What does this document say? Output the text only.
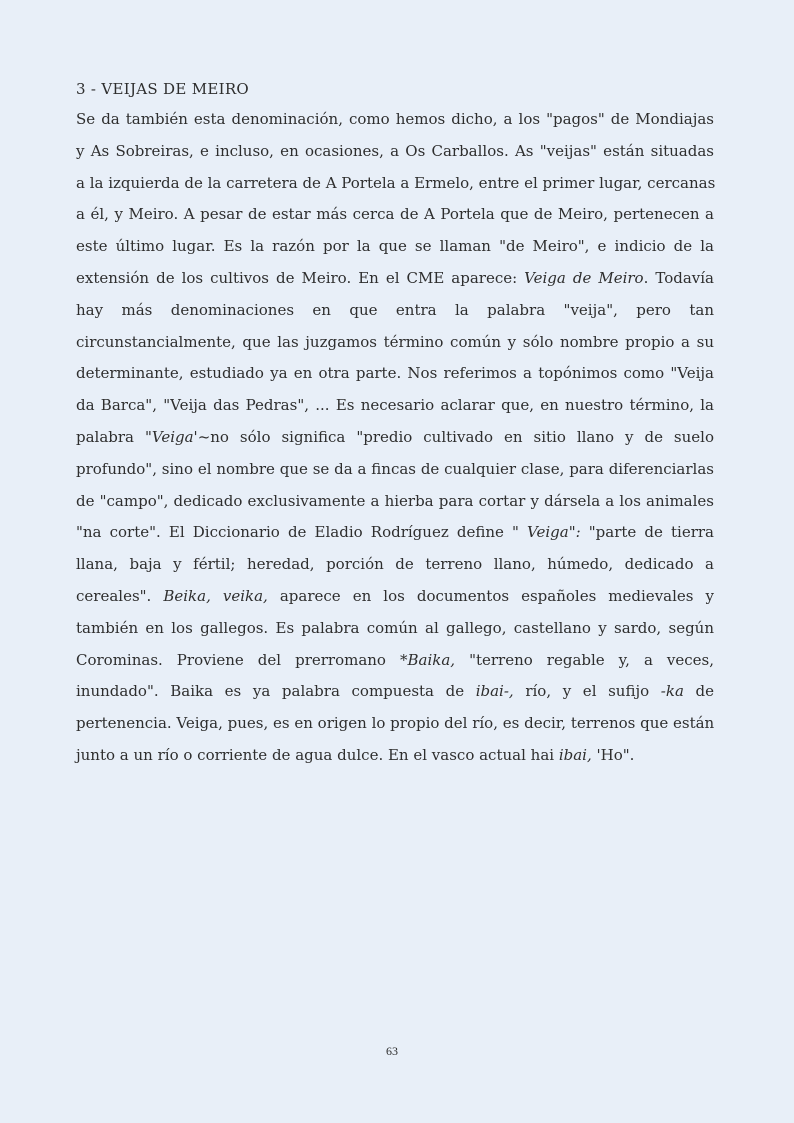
3 - VEIJAS DE MEIRO
Se da también esta denominación, como hemos dicho, a los "pagos" de Mondiajas
y As Sobreiras, e incluso, en ocasiones, a Os Carballos. As "veijas" están situadas
a la izquierda de la carretera de A Portela a Ermelo, entre el primer lugar, cercanas
a él, y Meiro. A pesar de estar más cerca de A Portela que de Meiro, pertenecen a
este último lugar. Es la razón por la que se llaman "de Meiro", e indicio de la
extensión de los cultivos de Meiro. En el CME aparece: Veiga de Meiro. Todavía
hay más denominaciones en que entra la palabra "veija", pero tan
circunstancialmente, que las juzgamos término común y sólo nombre propio a su
determinante, estudiado ya en otra parte. Nos referimos a topónimos como "Veija
da Barca", "Veija das Pedras", ... Es necesario aclarar que, en nuestro término, la
palabra "Veiga'~no sólo significa "predio cultivado en sitio llano y de suelo
profundo", sino el nombre que se da a fincas de cualquier clase, para diferenciarlas
de "campo", dedicado exclusivamente a hierba para cortar y dársela a los animales
"na corte". El Diccionario de Eladio Rodríguez define " Veiga": "parte de tierra
llana, baja y fértil; heredad, porción de terreno llano, húmedo, dedicado a
cereales". Beika, veika, aparece en los documentos españoles medievales y
también en los gallegos. Es palabra común al gallego, castellano y sardo, según
Corominas. Proviene del prerromano *Baika, "terreno regable y, a veces,
inundado". Baika es ya palabra compuesta de ibai-, río, y el sufijo -ka de
pertenencia. Veiga, pues, es en origen lo propio del río, es decir, terrenos que están
junto a un río o corriente de agua dulce. En el vasco actual hai ibai, 'Ho".
63
